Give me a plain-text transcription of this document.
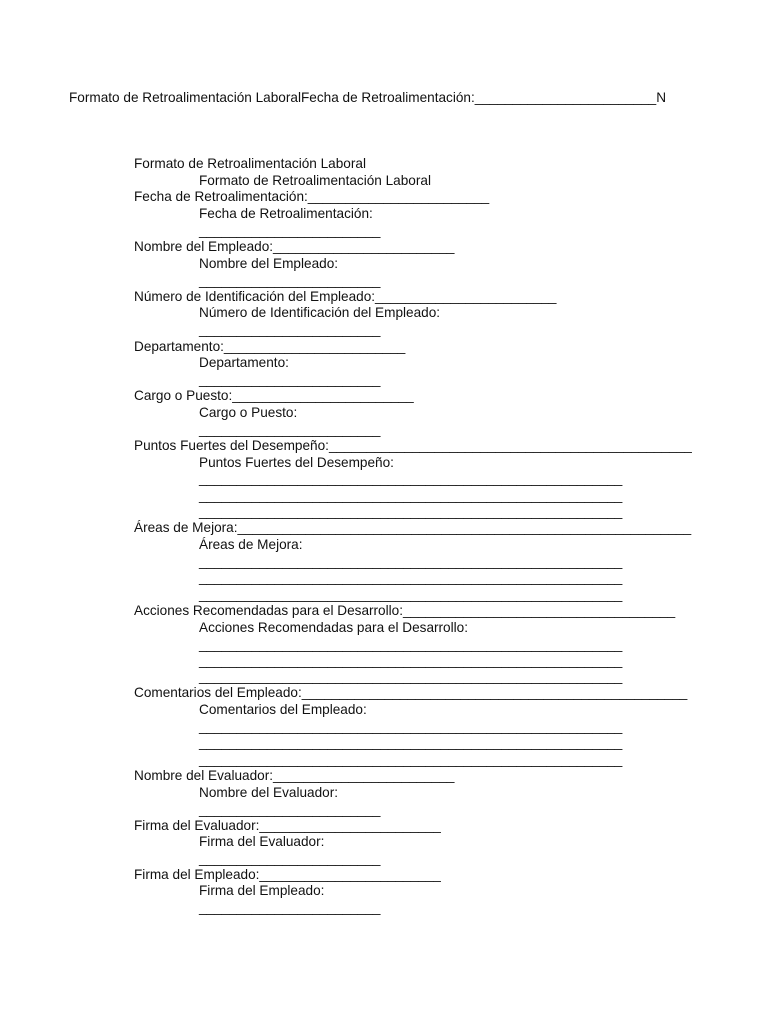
Formato de Retroalimentación LaboralFecha de Retroalimentación:________________________N
Formato de Retroalimentación Laboral
Formato de Retroalimentación Laboral
Fecha de Retroalimentación:________________________
Fecha de Retroalimentación:
________________________
Nombre del Empleado:________________________
Nombre del Empleado:
________________________
Número de Identificación del Empleado:________________________
Número de Identificación del Empleado:
________________________
Departamento:________________________
Departamento:
________________________
Cargo o Puesto:________________________
Cargo o Puesto:
________________________
Puntos Fuertes del Desempeño:________________________________________________
Puntos Fuertes del Desempeño:
________________________________________________________
________________________________________________________
________________________________________________________
Áreas de Mejora:____________________________________________________________
Áreas de Mejora:
________________________________________________________
________________________________________________________
________________________________________________________
Acciones Recomendadas para el Desarrollo:____________________________________
Acciones Recomendadas para el Desarrollo:
________________________________________________________
________________________________________________________
________________________________________________________
Comentarios del Empleado:___________________________________________________
Comentarios del Empleado:
________________________________________________________
________________________________________________________
________________________________________________________
Nombre del Evaluador:________________________
Nombre del Evaluador:
________________________
Firma del Evaluador:________________________
Firma del Evaluador:
________________________
Firma del Empleado:________________________
Firma del Empleado:
________________________
